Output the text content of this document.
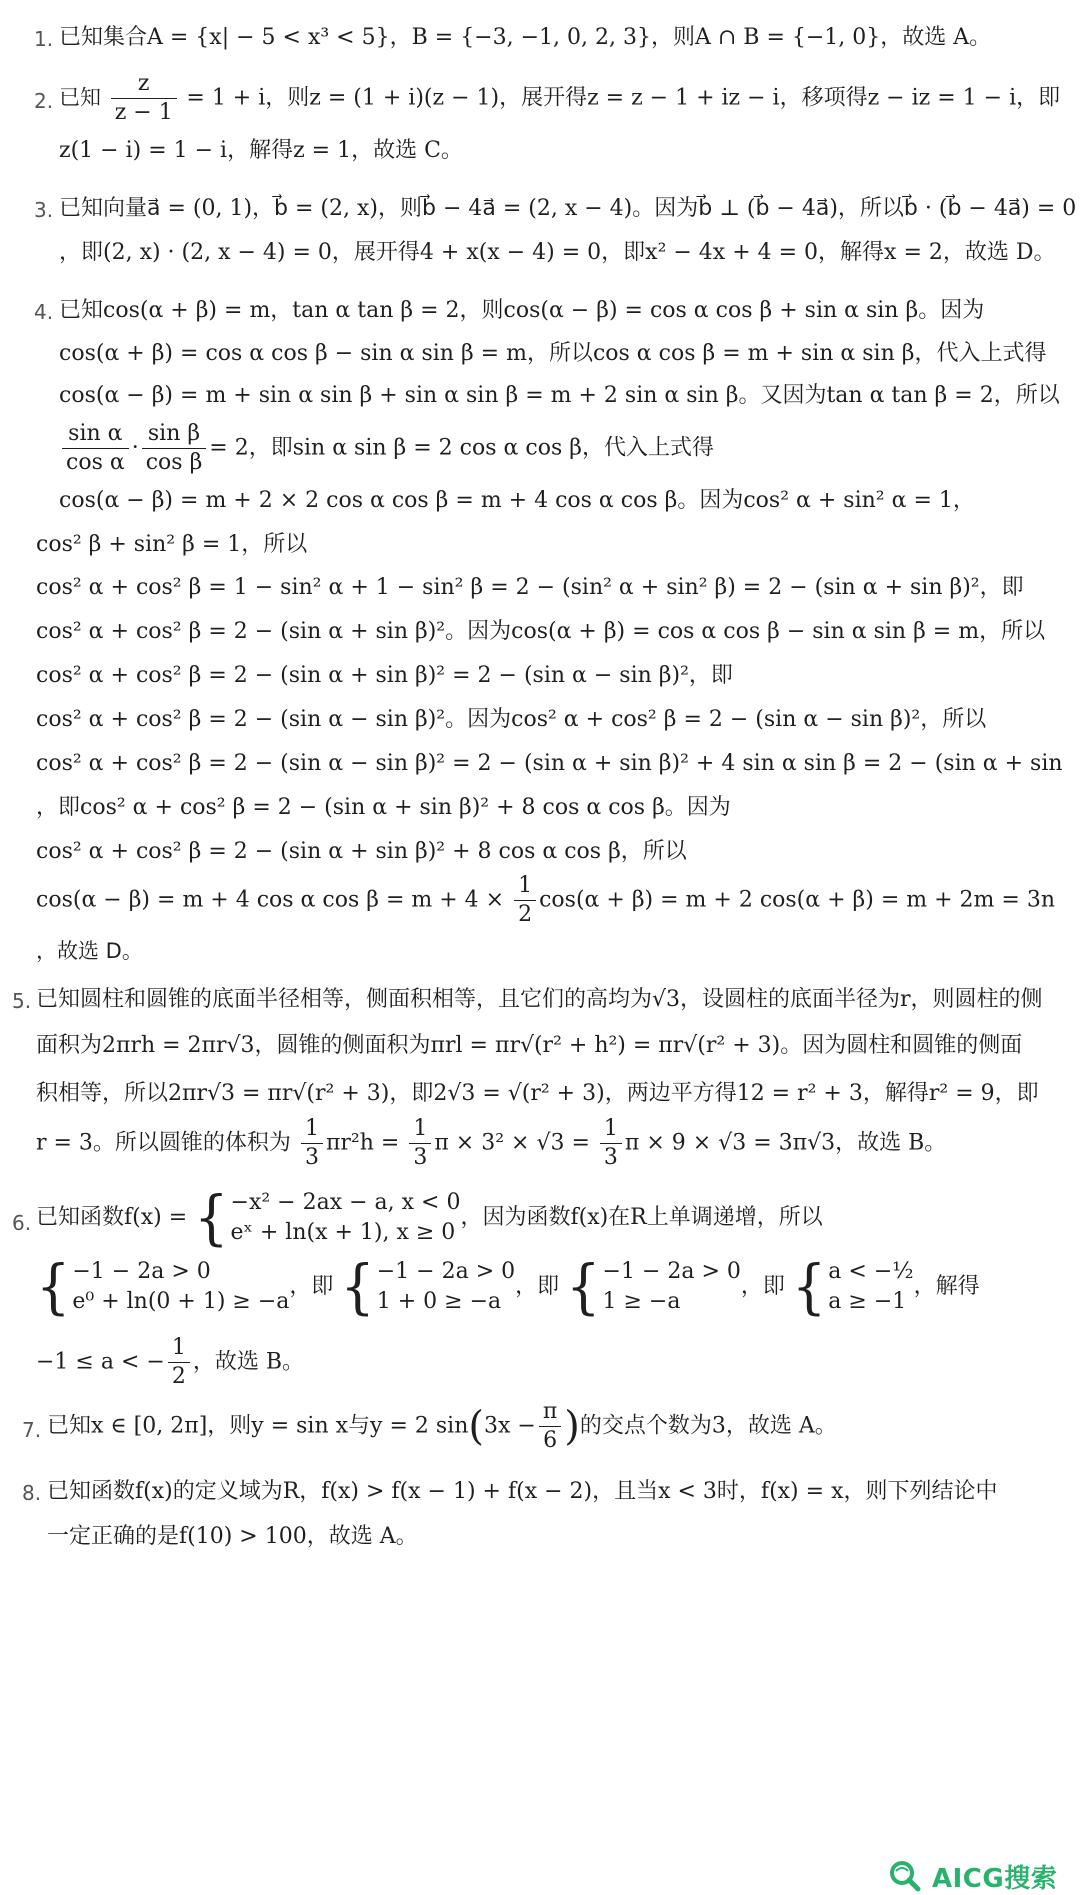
1. 已知集合A = {x| − 5 < x³ < 5}，B = {−3, −1, 0, 2, 3}，则A ∩ B = {−1, 0}，故选 A。
2. 已知 $\frac{z}{z - 1} = 1 + i$，则z = (1 + i)(z − 1)，展开得z = z − 1 + iz − i，移项得z − iz = 1 − i，即
z(1 − i) = 1 − i，解得z = 1，故选 C。
3. 已知向量a⃗ = (0, 1)，b⃗ = (2, x)，则b⃗ − 4a⃗ = (2, x − 4)。因为b⃗ ⊥ (b⃗ − 4a⃗)，所以b⃗ · (b⃗ − 4a⃗) = 0
，即(2, x) · (2, x − 4) = 0，展开得4 + x(x − 4) = 0，即x² − 4x + 4 = 0，解得x = 2，故选 D。
4. 已知cos(α + β) = m，tan α tan β = 2，则cos(α − β) = cos α cos β + sin α sin β。因为
cos(α + β) = cos α cos β − sin α sin β = m，所以cos α cos β = m + sin α sin β，代入上式得
cos(α − β) = m + sin α sin β + sin α sin β = m + 2 sin α sin β。又因为tan α tan β = 2，所以
$\frac{\text{sin α}}{\text{cos α}} \cdot \frac{\text{sin β}}{\text{cos β}} = 2$，即sin α sin β = 2 cos α cos β，代入上式得
cos(α − β) = m + 2 × 2 cos α cos β = m + 4 cos α cos β。因为cos² α + sin² α = 1，
cos² β + sin² β = 1，所以
cos² α + cos² β = 1 − sin² α + 1 − sin² β = 2 − (sin² α + sin² β) = 2 − (sin α + sin β)²，即
cos² α + cos² β = 2 − (sin α + sin β)²。因为cos(α + β) = cos α cos β − sin α sin β = m，所以
cos² α + cos² β = 2 − (sin α + sin β)² = 2 − (sin α − sin β)²，即
cos² α + cos² β = 2 − (sin α − sin β)²。因为cos² α + cos² β = 2 − (sin α − sin β)²，所以
cos² α + cos² β = 2 − (sin α − sin β)² = 2 − (sin α + sin β)² + 4 sin α sin β = 2 − (sin α + sin
，即cos² α + cos² β = 2 − (sin α + sin β)² + 8 cos α cos β。因为
cos² α + cos² β = 2 − (sin α + sin β)² + 8 cos α cos β，所以
cos(α − β) = m + 4 cos α $\cos \beta = m + 4 \times \frac{1}{2} \cos(\alpha + \beta) = m + 2$ cos(α + β) = m + 2m = 3n
，故选 D。
5. 已知圆柱和圆锥的底面半径相等，侧面积相等，且它们的高均为√3，设圆柱的底面半径为r，则圆柱的侧
面积为2πrh = 2πr√3，圆锥的侧面积为πrl = πr√(r² + h²) = πr√(r² + 3)。因为圆柱和圆锥的侧面
积相等，所以2πr√3 = πr√(r² + 3)，即2√3 = √(r² + 3)，两边平方得12 = r² + 3，解得r² = 9，即
r = 3。所以圆锥的体积为 $\frac{1}{3} \pi r^2h = \frac{1}{3}$ $\pi \times 3^2 \times √3 = \frac{1}{3}$ π × 9 × √3 = 3π√3，故选 B。
6. 已知函数f(x) = { −x² − 2ax − a, x < 0
eˣ + ln(x + 1), x ≥ 0
，因为函数f(x)在R上单调递增，所以
{ −1 − 2a > 0
e⁰ + ln(0 + 1) ≥ −a
，即 { −1 − 2a > 0
1 + 0 ≥ −a
，即 { −1 − 2a > 0
1 ≥ −a
，即 { a < −½
a ≥ −1
，解得
−1 ≤ a < − $\frac{1}{2}$ ，故选 B。
7. 已知x ∈ [0, 2π]，则y = sin x与y = 2 $\sin(3x - \frac{\pi}{6}$ )的交点个数为3，故选 A。
8. 已知函数f(x)的定义域为R，f(x) > f(x − 1) + f(x − 2)，且当x < 3时，f(x) = x，则下列结论中
一定正确的是f(10) > 100，故选 A。
AICG搜索
